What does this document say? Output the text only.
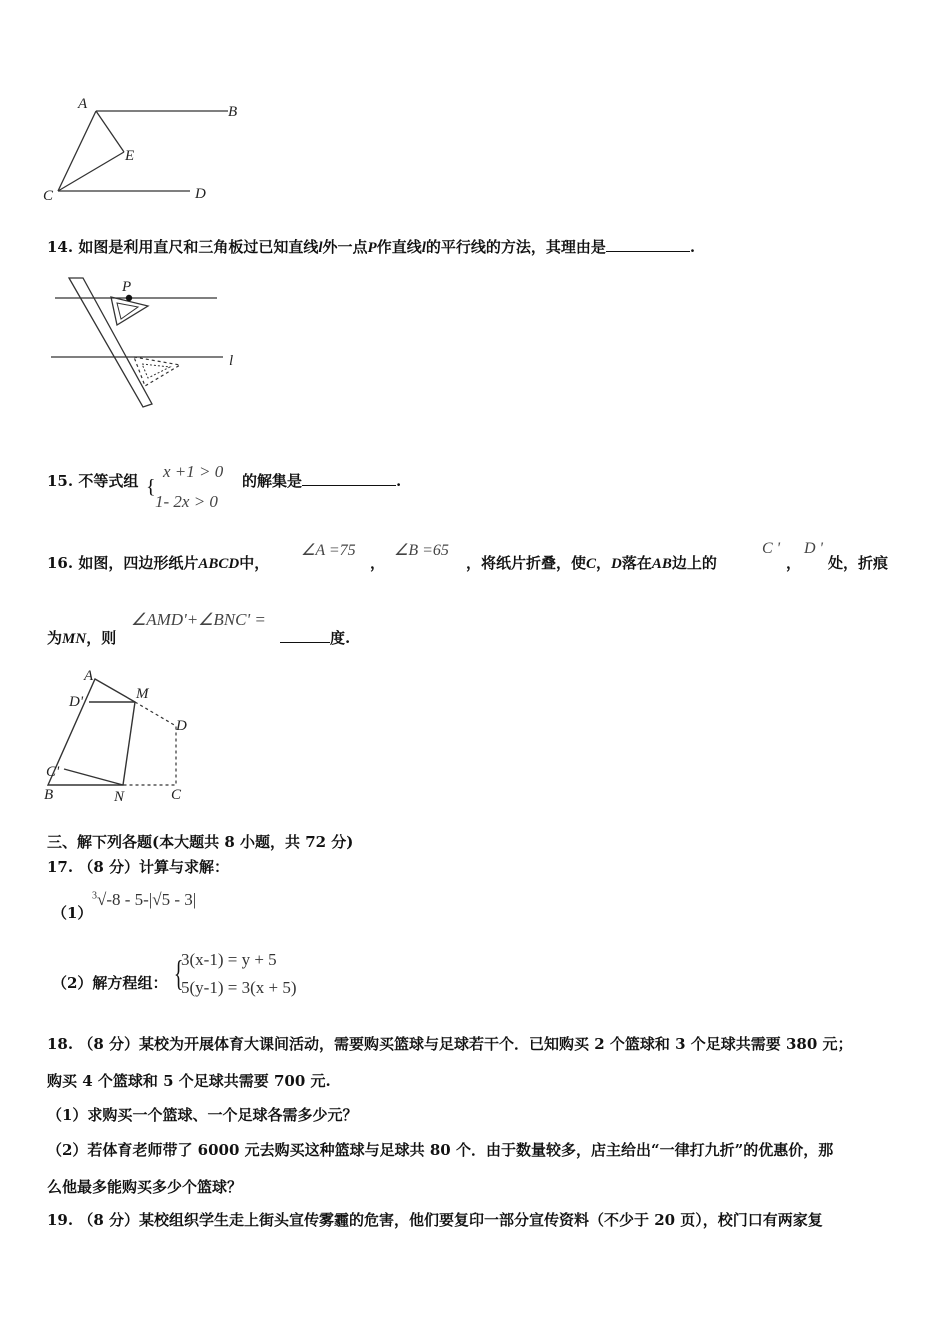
A	B
E
C	D
14. 如图是利用直尺和三角板过已知直线l外一点P作直线l的平行线的方法，其理由是	.
P
l
15. 不等式组 {
x +1 > 0
1- 2x > 0
的解集是	.
16. 如图，四边形纸片ABCD中，
∠A =75
，
∠B =65
，将纸片折叠，使C，D落在AB边上的
C '
，
D '
处，折痕
为MN，则
∠AMD'+∠BNC' =
度.
A
M
D'
D
C'
B	N	C
三、解下列各题(本大题共 8 小题，共 72 分)
17. （8 分）计算与求解：
（1）
$^3$√-8 - 5-|√5 - 3|
（2）解方程组： {
3(x-1) = y + 5
5(y-1) = 3(x + 5)
18. （8 分）某校为开展体育大课间活动，需要购买篮球与足球若干个．已知购买 2 个篮球和 3 个足球共需要 380 元；
购买 4 个篮球和 5 个足球共需要 700 元.
（1）求购买一个篮球、一个足球各需多少元？
（2）若体育老师带了 6000 元去购买这种篮球与足球共 80 个．由于数量较多，店主给出“一律打九折”的优惠价，那
么他最多能购买多少个篮球？
19. （8 分）某校组织学生走上街头宣传雾霾的危害，他们要复印一部分宣传资料（不少于 20 页），校门口有两家复
